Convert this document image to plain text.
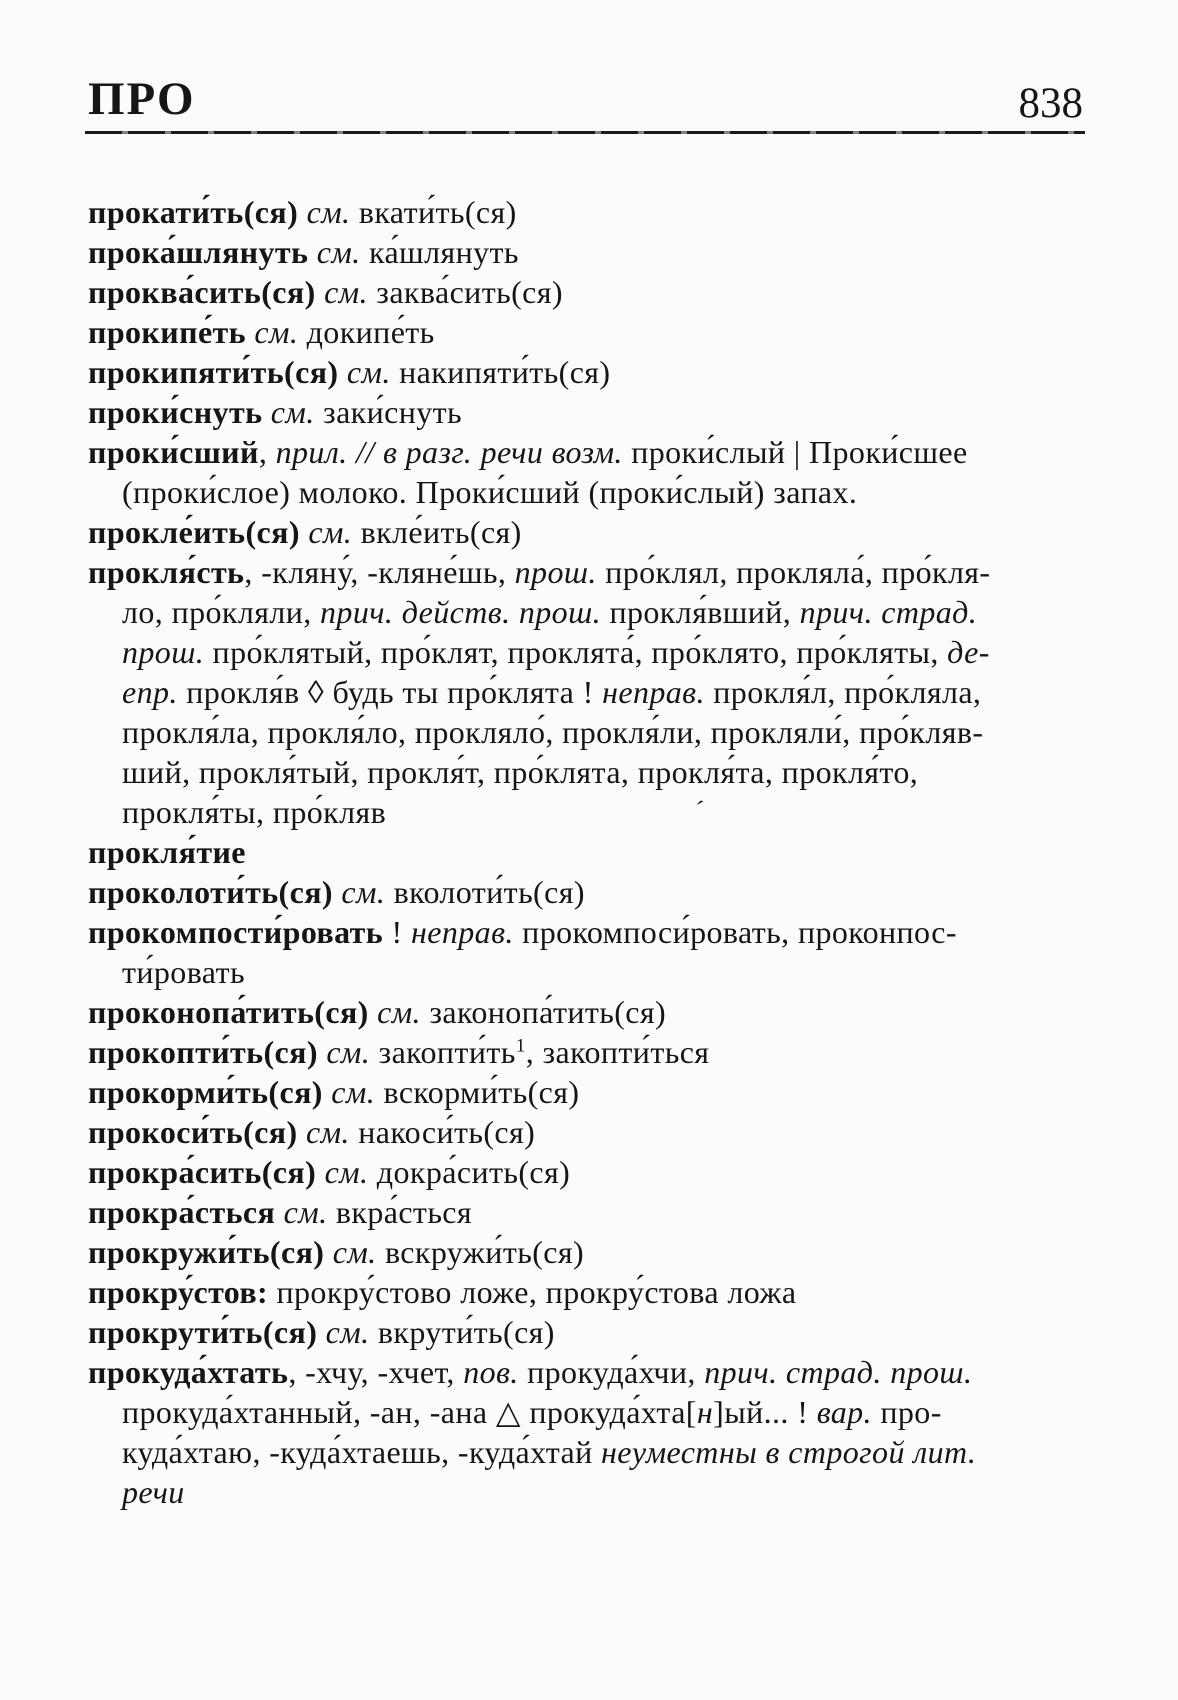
ПРО	838
прокати́ть(ся) см. вкати́ть(ся)
прока́шлянуть см. ка́шлянуть
проква́сить(ся) см. заква́сить(ся)
прокипе́ть см. докипе́ть
прокипяти́ть(ся) см. накипяти́ть(ся)
проки́снуть см. заки́снуть
проки́сший, прил. // в разг. речи возм. проки́слый | Проки́сшее
(проки́слое) молоко. Проки́сший (проки́слый) запах.
прокле́ить(ся) см. вкле́ить(ся)
прокля́сть, -кляну́, -кляне́шь, прош. про́клял, прокляла́, про́кля-
ло, про́кляли, прич. действ. прош. прокля́вший, прич. страд.
прош. про́клятый, про́клят, проклята́, про́клято, про́кляты, де-
епр. прокля́в ◊ будь ты про́клята ! неправ. прокля́л, про́кляла,
прокля́ла, прокля́ло, прокляло́, прокля́ли, прокляли́, про́кляв-
ший, прокля́тый, прокля́т, про́клята, прокля́та, прокля́то,
прокля́ты, про́кляв
прокля́тие
проколоти́ть(ся) см. вколоти́ть(ся)
прокомпости́ровать ! неправ. прокомпоси́ровать, проконпос-
ти́ровать
проконопа́тить(ся) см. законопа́тить(ся)
прокопти́ть(ся) см. $закопти́ть^1$, закопти́ться
прокорми́ть(ся) см. вскорми́ть(ся)
прокоси́ть(ся) см. накоси́ть(ся)
прокра́сить(ся) см. докра́сить(ся)
прокра́сться см. вкра́сться
прокружи́ть(ся) см. вскружи́ть(ся)
прокру́стов: прокру́стово ложе, прокру́стова ложа
прокрути́ть(ся) см. вкрути́ть(ся)
прокуда́хтать, -хчу, -хчет, пов. прокуда́хчи, прич. страд. прош.
прокуда́хтанный, -ан, -ана △ прокуда́хта[н]ый... ! вар. про-
куда́хтаю, -куда́хтаешь, -куда́хтай неуместны в строгой лит.
речи
ˊ
